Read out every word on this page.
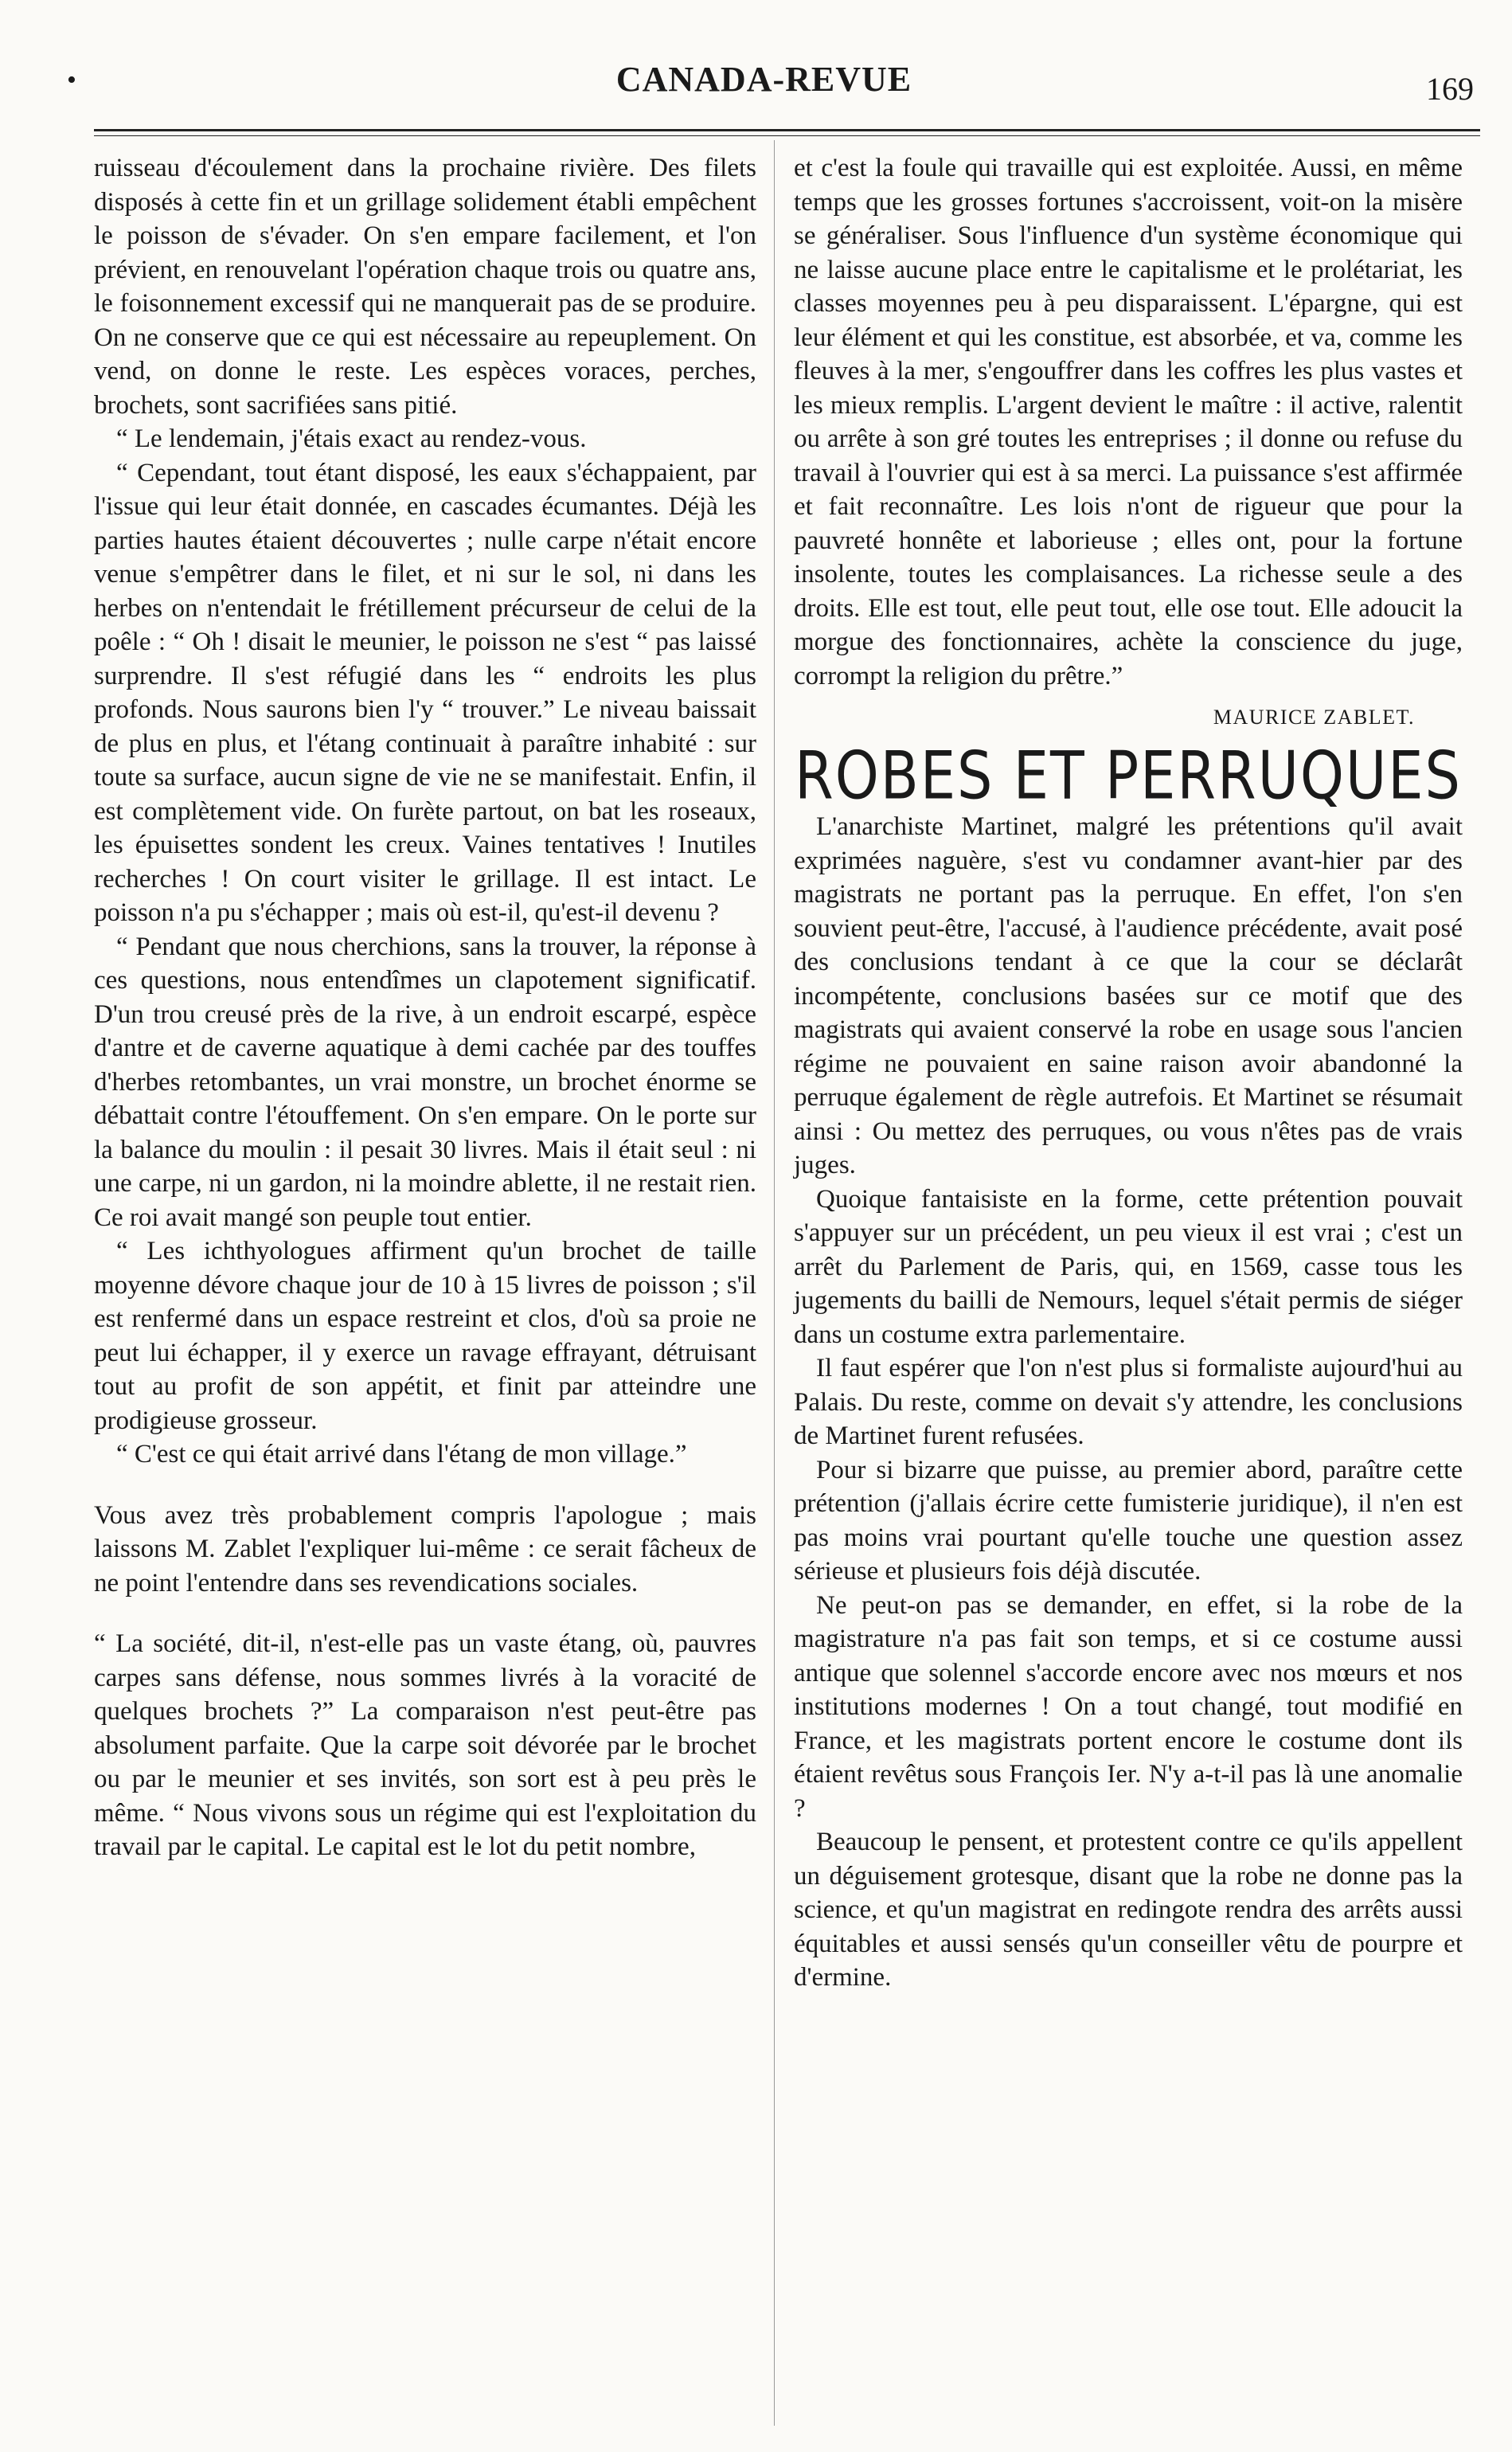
•	CANADA-REVUE	169

ruisseau d'écoulement dans la prochaine rivière. Des filets disposés à cette fin et un grillage solidement établi empêchent le poisson de s'évader. On s'en empare facilement, et l'on prévient, en renouvelant l'opération chaque trois ou quatre ans, le foisonnement excessif qui ne manquerait pas de se produire. On ne conserve que ce qui est nécessaire au repeuplement. On vend, on donne le reste. Les espèces voraces, perches, brochets, sont sacrifiées sans pitié.

“ Le lendemain, j'étais exact au rendez-vous.

“ Cependant, tout étant disposé, les eaux s'échappaient, par l'issue qui leur était donnée, en cascades écumantes. Déjà les parties hautes étaient découvertes ; nulle carpe n'était encore venue s'empêtrer dans le filet, et ni sur le sol, ni dans les herbes on n'entendait le frétillement précurseur de celui de la poêle : “ Oh ! disait le meunier, le poisson ne s'est “ pas laissé surprendre. Il s'est réfugié dans les “ endroits les plus profonds. Nous saurons bien l'y “ trouver.” Le niveau baissait de plus en plus, et l'étang continuait à paraître inhabité : sur toute sa surface, aucun signe de vie ne se manifestait. Enfin, il est complètement vide. On furète partout, on bat les roseaux, les épuisettes sondent les creux. Vaines tentatives ! Inutiles recherches ! On court visiter le grillage. Il est intact. Le poisson n'a pu s'échapper ; mais où est-il, qu'est-il devenu ?

“ Pendant que nous cherchions, sans la trouver, la réponse à ces questions, nous entendîmes un clapotement significatif. D'un trou creusé près de la rive, à un endroit escarpé, espèce d'antre et de caverne aquatique à demi cachée par des touffes d'herbes retombantes, un vrai monstre, un brochet énorme se débattait contre l'étouffement. On s'en empare. On le porte sur la balance du moulin : il pesait 30 livres. Mais il était seul : ni une carpe, ni un gardon, ni la moindre ablette, il ne restait rien. Ce roi avait mangé son peuple tout entier.

“ Les ichthyologues affirment qu'un brochet de taille moyenne dévore chaque jour de 10 à 15 livres de poisson ; s'il est renfermé dans un espace restreint et clos, d'où sa proie ne peut lui échapper, il y exerce un ravage effrayant, détruisant tout au profit de son appétit, et finit par atteindre une prodigieuse grosseur.

“ C'est ce qui était arrivé dans l'étang de mon village.”

Vous avez très probablement compris l'apologue ; mais laissons M. Zablet l'expliquer lui-même : ce serait fâcheux de ne point l'entendre dans ses revendications sociales.

“ La société, dit-il, n'est-elle pas un vaste étang, où, pauvres carpes sans défense, nous sommes livrés à la voracité de quelques brochets ?” La comparaison n'est peut-être pas absolument parfaite. Que la carpe soit dévorée par le brochet ou par le meunier et ses invités, son sort est à peu près le même. “ Nous vivons sous un régime qui est l'exploitation du travail par le capital. Le capital est le lot du petit nombre,

et c'est la foule qui travaille qui est exploitée. Aussi, en même temps que les grosses fortunes s'accroissent, voit-on la misère se généraliser. Sous l'influence d'un système économique qui ne laisse aucune place entre le capitalisme et le prolétariat, les classes moyennes peu à peu disparaissent. L'épargne, qui est leur élément et qui les constitue, est absorbée, et va, comme les fleuves à la mer, s'engouffrer dans les coffres les plus vastes et les mieux remplis. L'argent devient le maître : il active, ralentit ou arrête à son gré toutes les entreprises ; il donne ou refuse du travail à l'ouvrier qui est à sa merci. La puissance s'est affirmée et fait reconnaître. Les lois n'ont de rigueur que pour la pauvreté honnête et laborieuse ; elles ont, pour la fortune insolente, toutes les complaisances. La richesse seule a des droits. Elle est tout, elle peut tout, elle ose tout. Elle adoucit la morgue des fonctionnaires, achète la conscience du juge, corrompt la religion du prêtre.”

MAURICE ZABLET.
ROBES ET PERRUQUES

L'anarchiste Martinet, malgré les prétentions qu'il avait exprimées naguère, s'est vu condamner avant-hier par des magistrats ne portant pas la perruque. En effet, l'on s'en souvient peut-être, l'accusé, à l'audience précédente, avait posé des conclusions tendant à ce que la cour se déclarât incompétente, conclusions basées sur ce motif que des magistrats qui avaient conservé la robe en usage sous l'ancien régime ne pouvaient en saine raison avoir abandonné la perruque également de règle autrefois. Et Martinet se résumait ainsi : Ou mettez des perruques, ou vous n'êtes pas de vrais juges.

Quoique fantaisiste en la forme, cette prétention pouvait s'appuyer sur un précédent, un peu vieux il est vrai ; c'est un arrêt du Parlement de Paris, qui, en 1569, casse tous les jugements du bailli de Nemours, lequel s'était permis de siéger dans un costume extra parlementaire.

Il faut espérer que l'on n'est plus si formaliste aujourd'hui au Palais. Du reste, comme on devait s'y attendre, les conclusions de Martinet furent refusées.

Pour si bizarre que puisse, au premier abord, paraître cette prétention (j'allais écrire cette fumisterie juridique), il n'en est pas moins vrai pourtant qu'elle touche une question assez sérieuse et plusieurs fois déjà discutée.

Ne peut-on pas se demander, en effet, si la robe de la magistrature n'a pas fait son temps, et si ce costume aussi antique que solennel s'accorde encore avec nos mœurs et nos institutions modernes ! On a tout changé, tout modifié en France, et les magistrats portent encore le costume dont ils étaient revêtus sous François Ier. N'y a-t-il pas là une anomalie ?

Beaucoup le pensent, et protestent contre ce qu'ils appellent un déguisement grotesque, disant que la robe ne donne pas la science, et qu'un magistrat en redingote rendra des arrêts aussi équitables et aussi sensés qu'un conseiller vêtu de pourpre et d'ermine.
